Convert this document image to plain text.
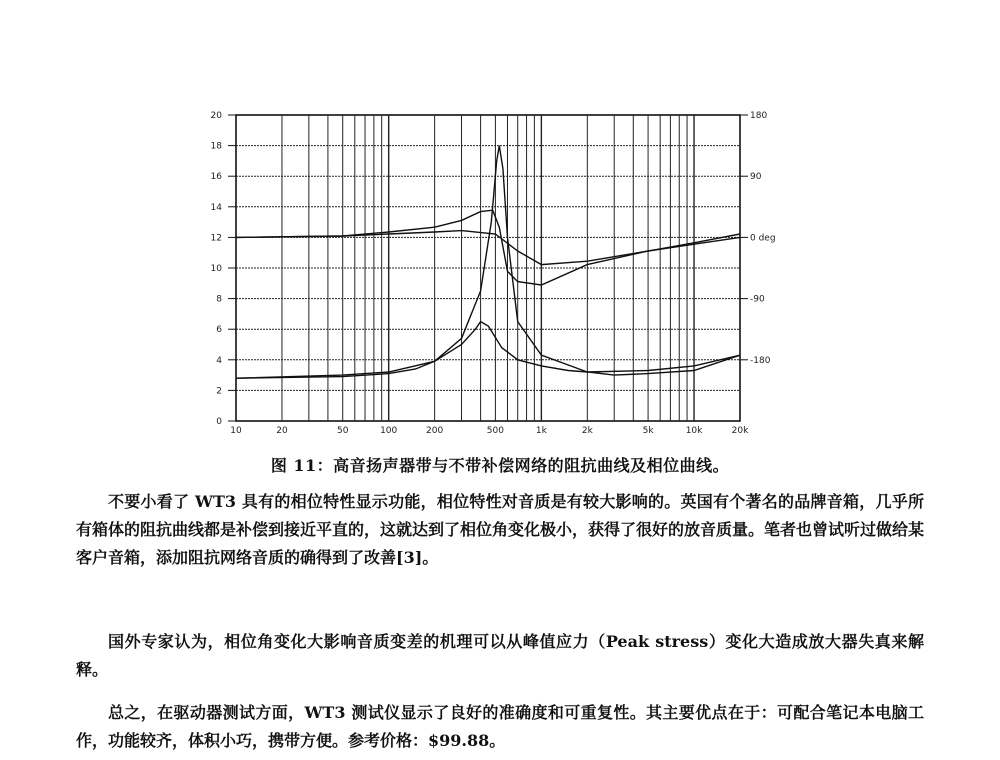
10	20	50	100	200	500	1k	2k	5k	10k	20k
0
2
4
6
8
10
12
14
16
18
20	180
90
0 deg
-90
-180
图 11：高音扬声器带与不带补偿网络的阻抗曲线及相位曲线。

不要小看了 WT3 具有的相位特性显示功能，相位特性对音质是有较大影响的。英国有个著名的品牌音箱，几乎所有箱体的阻抗曲线都是补偿到接近平直的，这就达到了相位角变化极小，获得了很好的放音质量。笔者也曾试听过做给某客户音箱，添加阻抗网络音质的确得到了改善[3]。

国外专家认为，相位角变化大影响音质变差的机理可以从峰值应力（Peak stress）变化大造成放大器失真来解释。

总之，在驱动器测试方面，WT3 测试仪显示了良好的准确度和可重复性。其主要优点在于：可配合笔记本电脑工作，功能较齐，体积小巧，携带方便。参考价格：$99.88。
